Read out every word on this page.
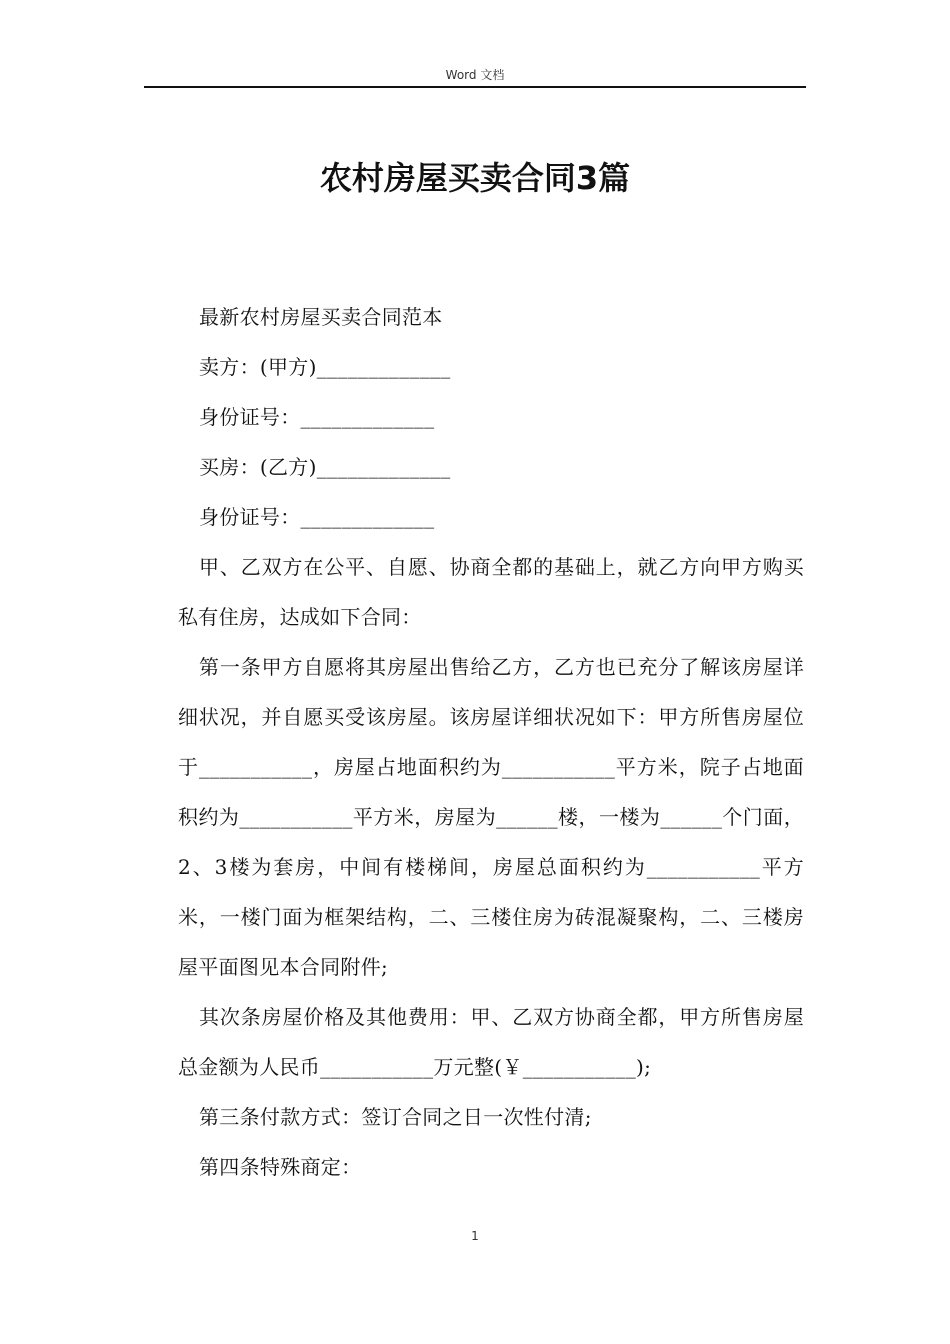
Word 文档
农村房屋买卖合同3篇

最新农村房屋买卖合同范本

卖方：(甲方)_____________

身份证号：_____________

买房：(乙方)_____________

身份证号：_____________

甲、乙双方在公平、自愿、协商全都的基础上，就乙方向甲方购买私有住房，达成如下合同：

第一条甲方自愿将其房屋出售给乙方，乙方也已充分了解该房屋详细状况，并自愿买受该房屋。该房屋详细状况如下：甲方所售房屋位于___________，房屋占地面积约为___________平方米，院子占地面积约为___________平方米，房屋为______楼，一楼为______个门面，2、3楼为套房，中间有楼梯间，房屋总面积约为___________平方米，一楼门面为框架结构，二、三楼住房为砖混凝聚构，二、三楼房屋平面图见本合同附件;

其次条房屋价格及其他费用：甲、乙双方协商全都，甲方所售房屋总金额为人民币___________万元整(￥___________);

第三条付款方式：签订合同之日一次性付清;

第四条特殊商定：

1
